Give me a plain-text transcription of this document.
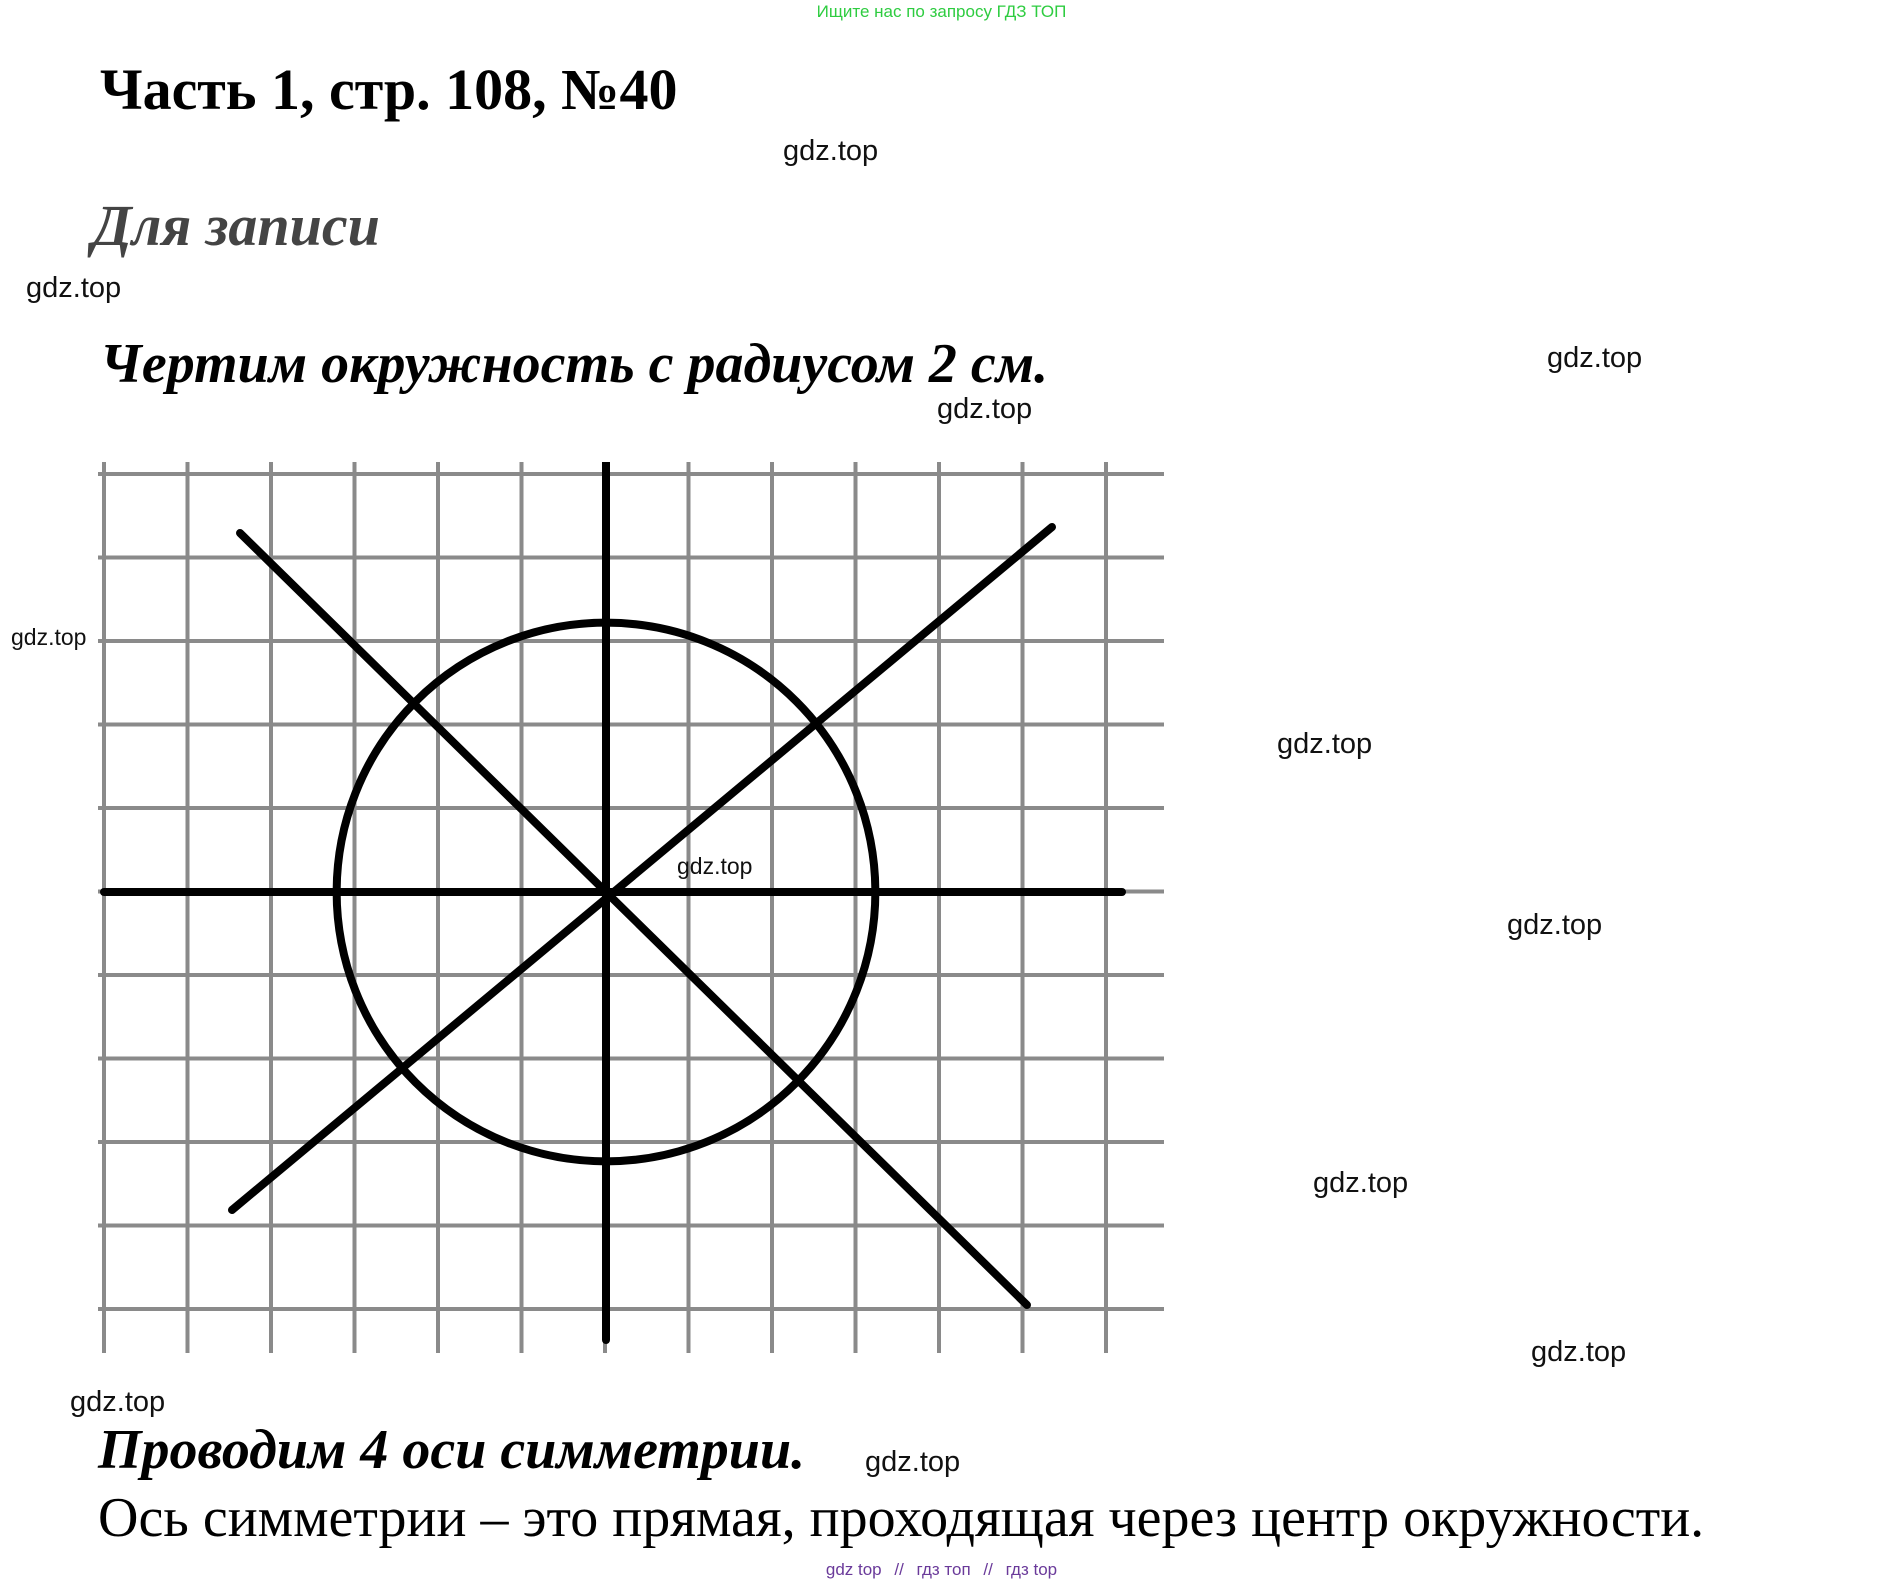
Ищите нас по запросу ГДЗ ТОП
Часть 1, стр. 108, №40
gdz.top
Для записи
gdz.top
Чертим окружность с радиусом 2 см.	gdz.top
gdz.top
gdz.top
gdz.top
gdz.top
gdz.top
gdz.top
gdz.top
gdz.top
Проводим 4 оси симметрии. gdz.top
Ось симметрии – это прямая, проходящая через центр окружности.
gdz top // гдз топ // гдз top
